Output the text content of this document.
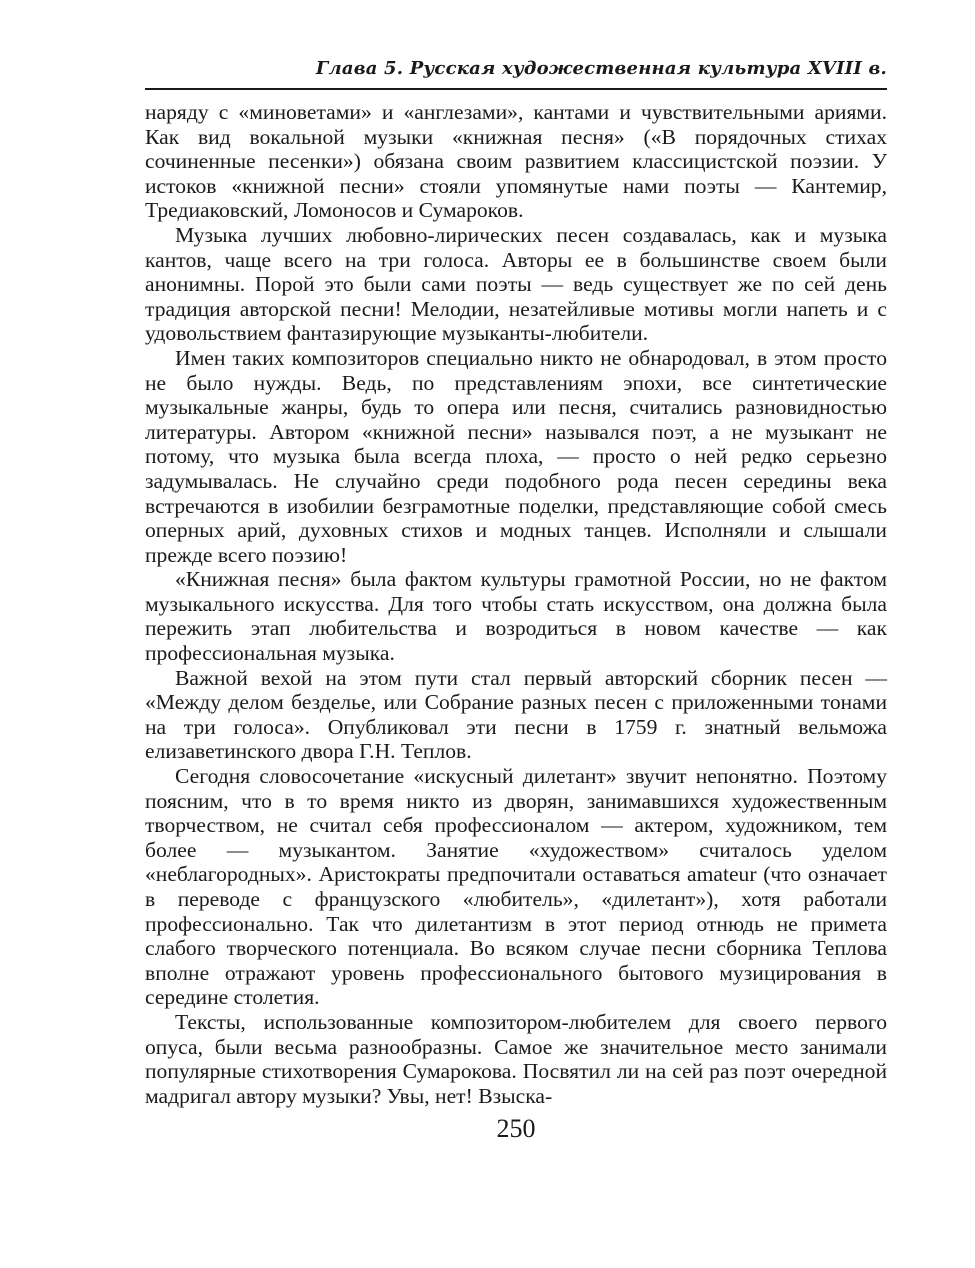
Глава 5. Русская художественная культура XVIII в.

наряду с «миноветами» и «англезами», кантами и чувствительными ариями. Как вид вокальной музыки «книжная песня» («В порядочных стихах сочиненные песенки») обязана своим развитием классицистской поэзии. У истоков «книжной песни» стояли упомянутые нами поэты — Кантемир, Тредиаковский, Ломоносов и Сумароков.

Музыка лучших любовно-лирических песен создавалась, как и музыка кантов, чаще всего на три голоса. Авторы ее в большинстве своем были анонимны. Порой это были сами поэты — ведь существует же по сей день традиция авторской песни! Мелодии, незатейливые мотивы могли напеть и с удовольствием фантазирующие музыканты-любители.

Имен таких композиторов специально никто не обнародовал, в этом просто не было нужды. Ведь, по представлениям эпохи, все синтетические музыкальные жанры, будь то опера или песня, считались разновидностью литературы. Автором «книжной песни» назывался поэт, а не музыкант не потому, что музыка была всегда плоха, — просто о ней редко серьезно задумывалась. Не случайно среди подобного рода песен середины века встречаются в изобилии безграмотные поделки, представляющие собой смесь оперных арий, духовных стихов и модных танцев. Исполняли и слышали прежде всего поэзию!

«Книжная песня» была фактом культуры грамотной России, но не фактом музыкального искусства. Для того чтобы стать искусством, она должна была пережить этап любительства и возродиться в новом качестве — как профессиональная музыка.

Важной вехой на этом пути стал первый авторский сборник песен — «Между делом безделье, или Собрание разных песен с приложенными тонами на три голоса». Опубликовал эти песни в 1759 г. знатный вельможа елизаветинского двора Г.Н. Теплов.

Сегодня словосочетание «искусный дилетант» звучит непонятно. Поэтому поясним, что в то время никто из дворян, занимавшихся художественным творчеством, не считал себя профессионалом — актером, художником, тем более — музыкантом. Занятие «художеством» считалось уделом «неблагородных». Аристократы предпочитали оставаться amateur (что означает в переводе с французского «любитель», «дилетант»), хотя работали профессионально. Так что дилетантизм в этот период отнюдь не примета слабого творческого потенциала. Во всяком случае песни сборника Теплова вполне отражают уровень профессионального бытового музицирования в середине столетия.

Тексты, использованные композитором-любителем для своего первого опуса, были весьма разнообразны. Самое же значительное место занимали популярные стихотворения Сумарокова. Посвятил ли на сей раз поэт очередной мадригал автору музыки? Увы, нет! Взыска-

250
